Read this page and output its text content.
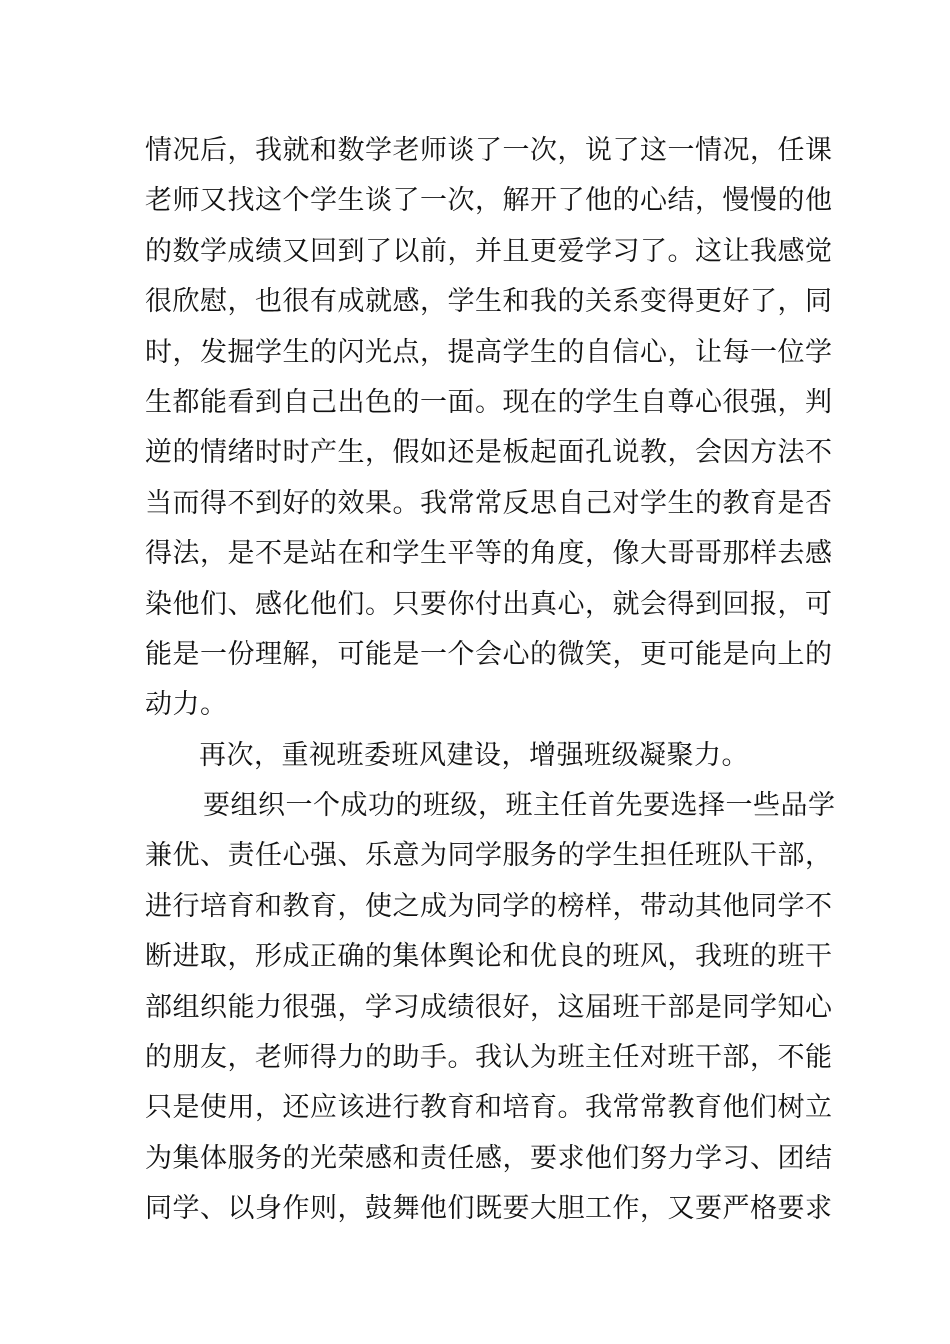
情况后，我就和数学老师谈了一次，说了这一情况，任课
老师又找这个学生谈了一次，解开了他的心结，慢慢的他
的数学成绩又回到了以前，并且更爱学习了。这让我感觉
很欣慰，也很有成就感，学生和我的关系变得更好了，同
时，发掘学生的闪光点，提高学生的自信心，让每一位学
生都能看到自己出色的一面。现在的学生自尊心很强，判
逆的情绪时时产生，假如还是板起面孔说教，会因方法不
当而得不到好的效果。我常常反思自己对学生的教育是否
得法，是不是站在和学生平等的角度，像大哥哥那样去感
染他们、感化他们。只要你付出真心，就会得到回报，可
能是一份理解，可能是一个会心的微笑，更可能是向上的
动力。
再次，重视班委班风建设，增强班级凝聚力。
要组织一个成功的班级，班主任首先要选择一些品学
兼优、责任心强、乐意为同学服务的学生担任班队干部，
进行培育和教育，使之成为同学的榜样，带动其他同学不
断进取，形成正确的集体舆论和优良的班风，我班的班干
部组织能力很强，学习成绩很好，这届班干部是同学知心
的朋友，老师得力的助手。我认为班主任对班干部，不能
只是使用，还应该进行教育和培育。我常常教育他们树立
为集体服务的光荣感和责任感，要求他们努力学习、团结
同学、以身作则，鼓舞他们既要大胆工作，又要严格要求
